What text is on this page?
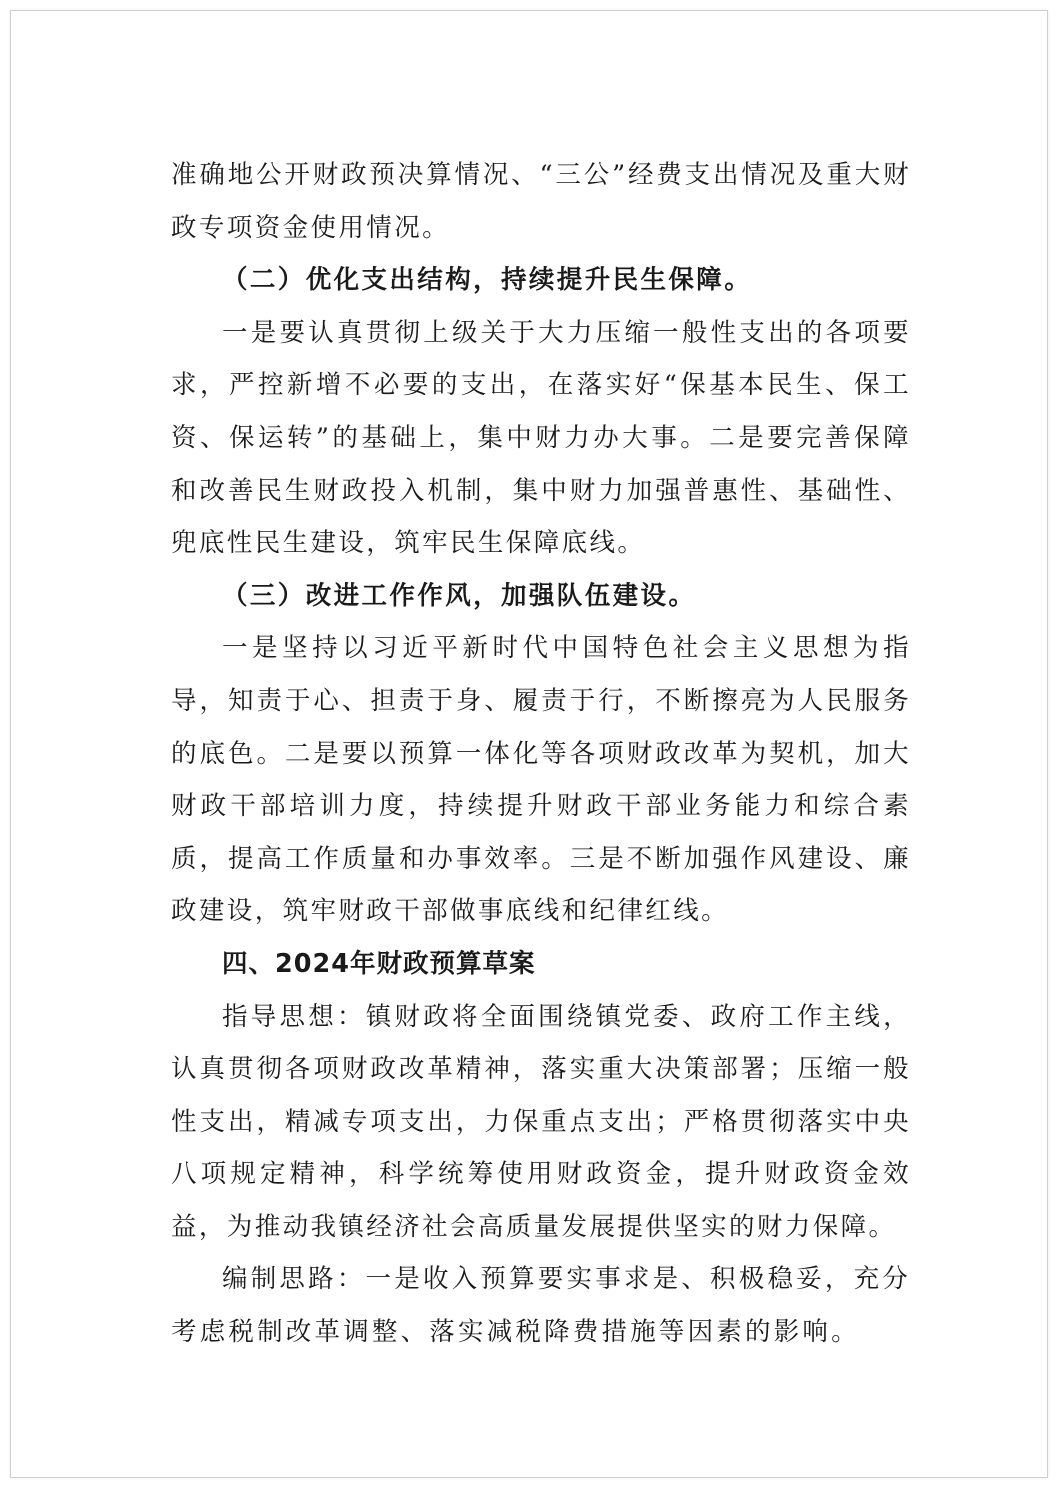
准确地公开财政预决算情况、“三公”经费支出情况及重大财政专项资金使用情况。

（二）优化支出结构，持续提升民生保障。

一是要认真贯彻上级关于大力压缩一般性支出的各项要求，严控新增不必要的支出，在落实好“保基本民生、保工资、保运转”的基础上，集中财力办大事。二是要完善保障和改善民生财政投入机制，集中财力加强普惠性、基础性、兜底性民生建设，筑牢民生保障底线。

（三）改进工作作风，加强队伍建设。

一是坚持以习近平新时代中国特色社会主义思想为指导，知责于心、担责于身、履责于行，不断擦亮为人民服务的底色。二是要以预算一体化等各项财政改革为契机，加大财政干部培训力度，持续提升财政干部业务能力和综合素质，提高工作质量和办事效率。三是不断加强作风建设、廉政建设，筑牢财政干部做事底线和纪律红线。

四、2024年财政预算草案

指导思想：镇财政将全面围绕镇党委、政府工作主线，认真贯彻各项财政改革精神，落实重大决策部署；压缩一般性支出，精减专项支出，力保重点支出；严格贯彻落实中央八项规定精神，科学统筹使用财政资金，提升财政资金效益，为推动我镇经济社会高质量发展提供坚实的财力保障。

编制思路：一是收入预算要实事求是、积极稳妥，充分考虑税制改革调整、落实减税降费措施等因素的影响。
